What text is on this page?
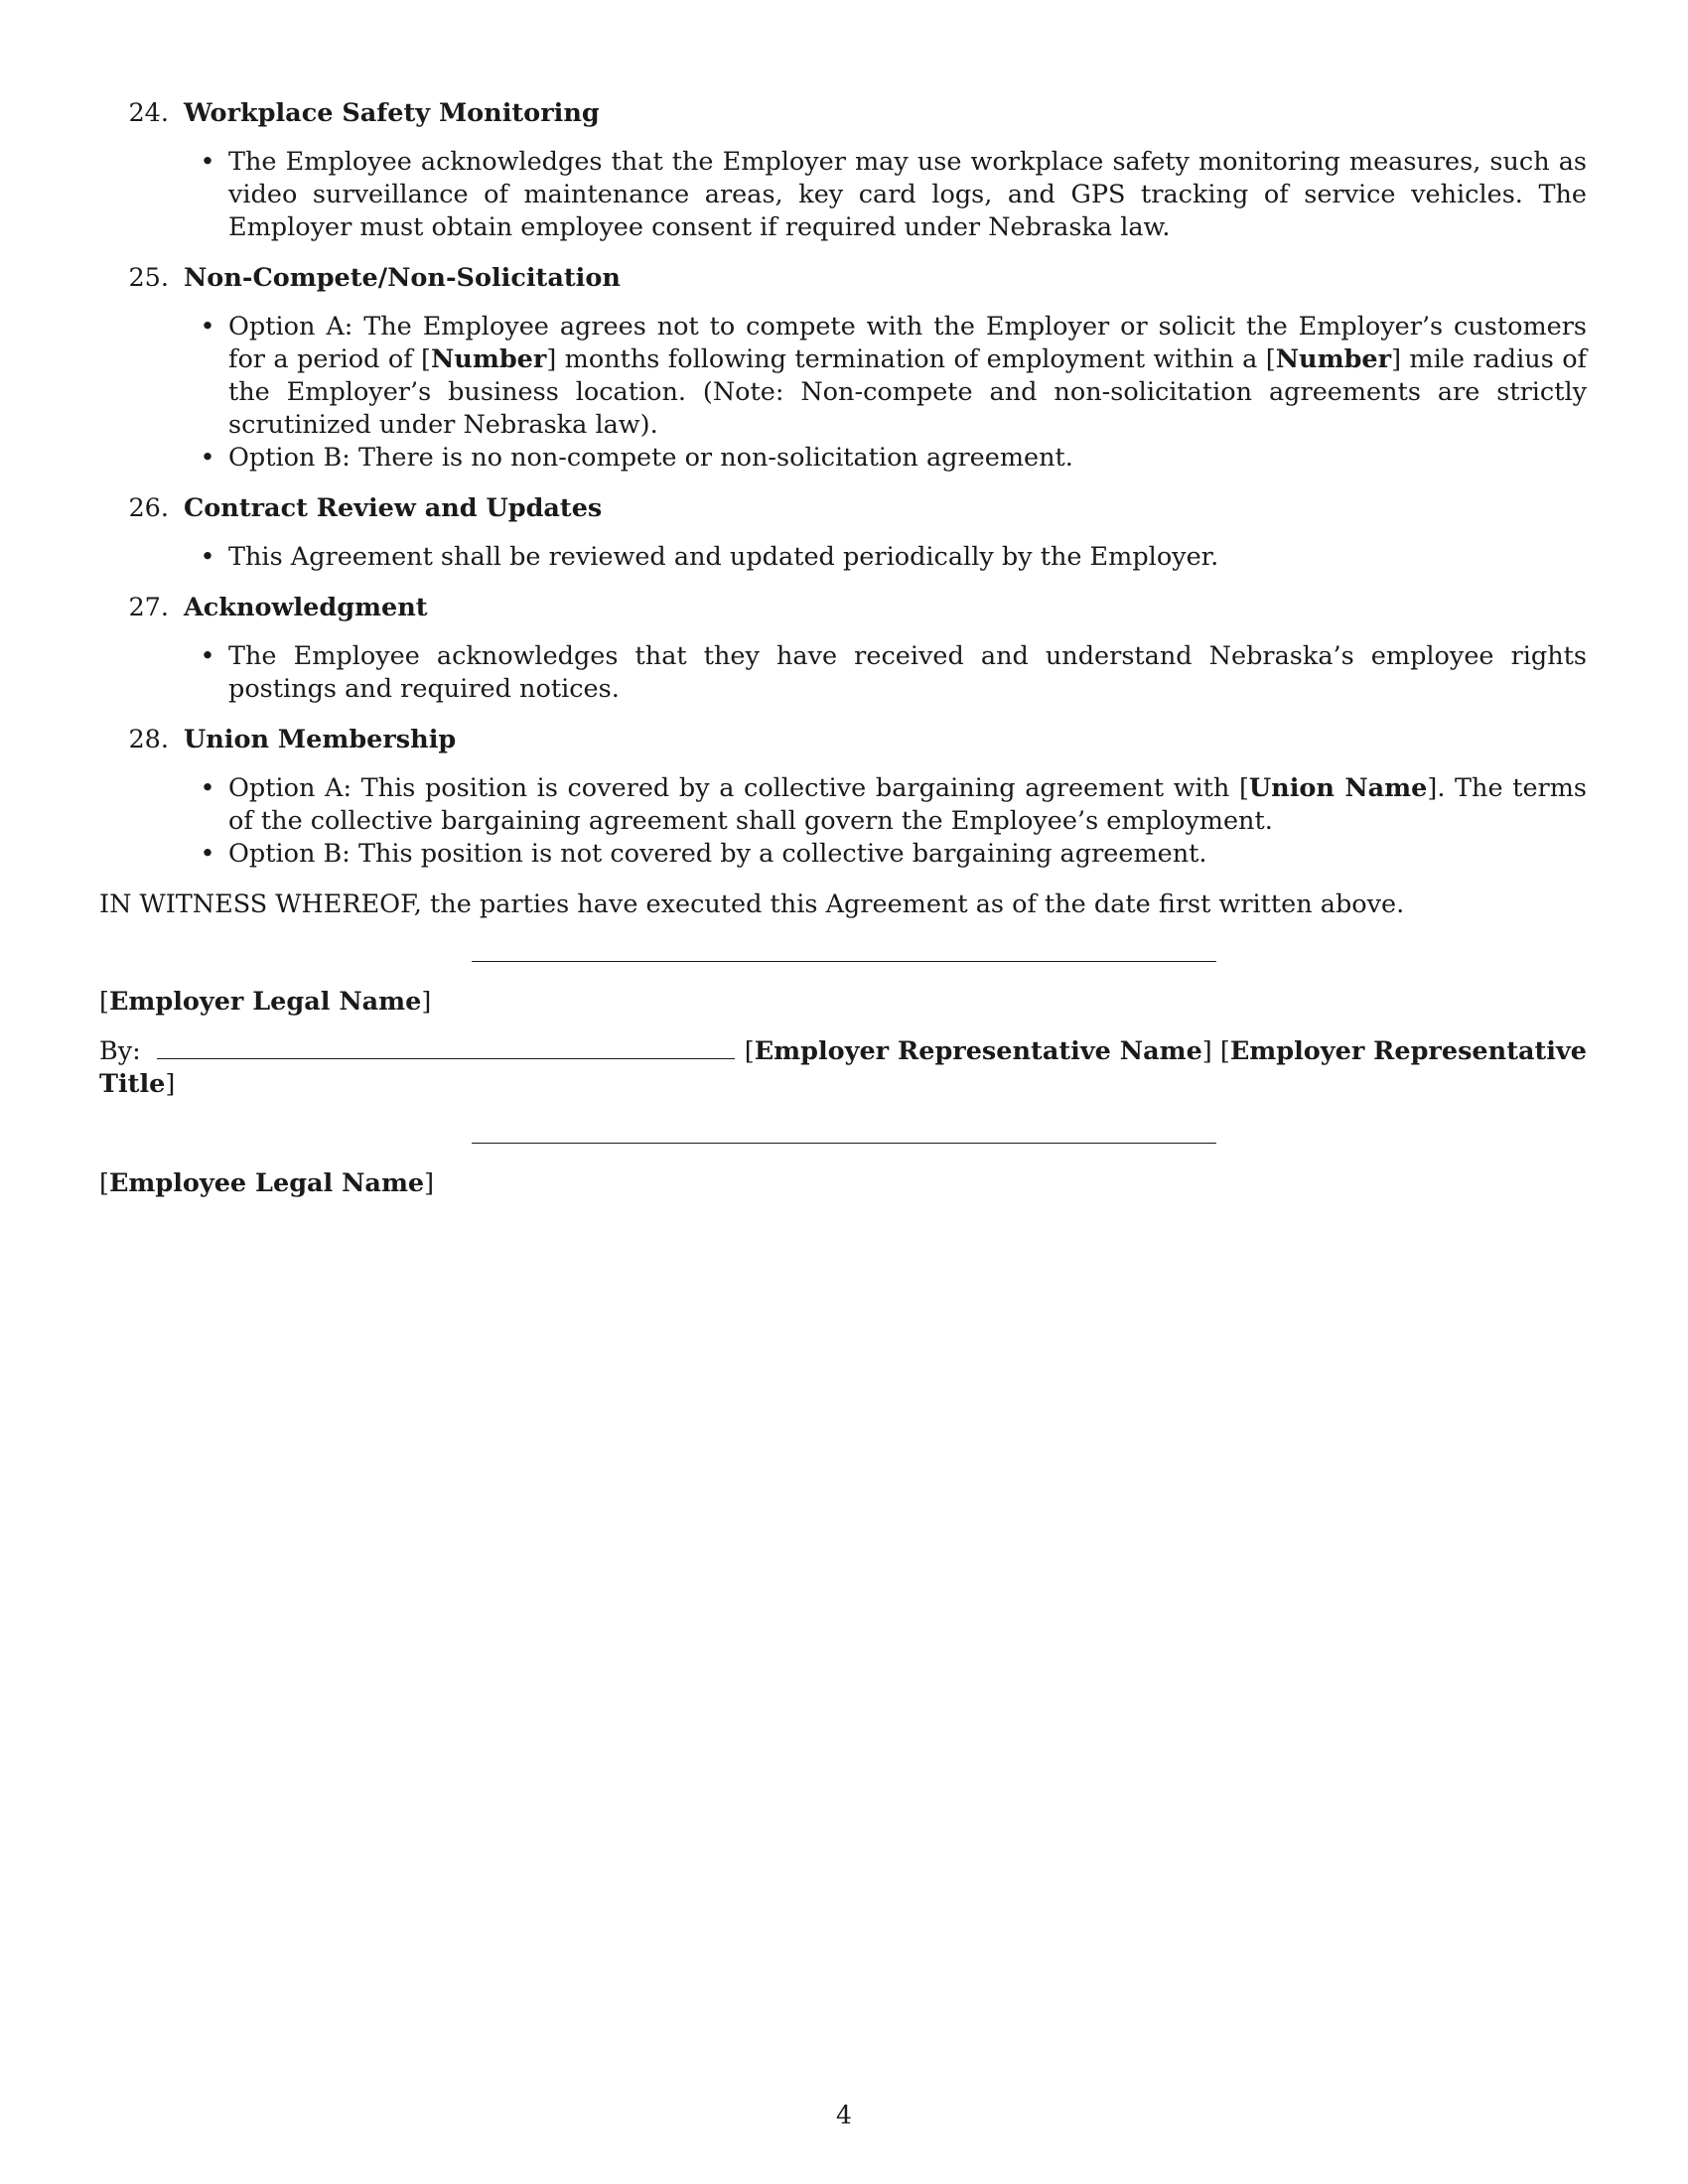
24. Workplace Safety Monitoring
• The Employee acknowledges that the Employer may use workplace safety monitoring measures, such as video surveillance of maintenance areas, key card logs, and GPS tracking of service vehicles. The Employer must obtain employee consent if required under Nebraska law.
25. Non-Compete/Non-Solicitation
• Option A: The Employee agrees not to compete with the Employer or solicit the Employer’s customers for a period of [Number] months following termination of employment within a [Number] mile radius of the Employer’s business location. (Note: Non-compete and non-solicitation agreements are strictly scrutinized under Nebraska law).
• Option B: There is no non-compete or non-solicitation agreement.
26. Contract Review and Updates
• This Agreement shall be reviewed and updated periodically by the Employer.
27. Acknowledgment
• The Employee acknowledges that they have received and understand Nebraska’s employee rights postings and required notices.
28. Union Membership
• Option A: This position is covered by a collective bargaining agreement with [Union Name]. The terms of the collective bargaining agreement shall govern the Employee’s employment.
• Option B: This position is not covered by a collective bargaining agreement.
IN WITNESS WHEREOF, the parties have executed this Agreement as of the date first written above.
[Employer Legal Name]
By:	[Employer Representative Name] [Employer Representative Title]
[Employee Legal Name]
4
